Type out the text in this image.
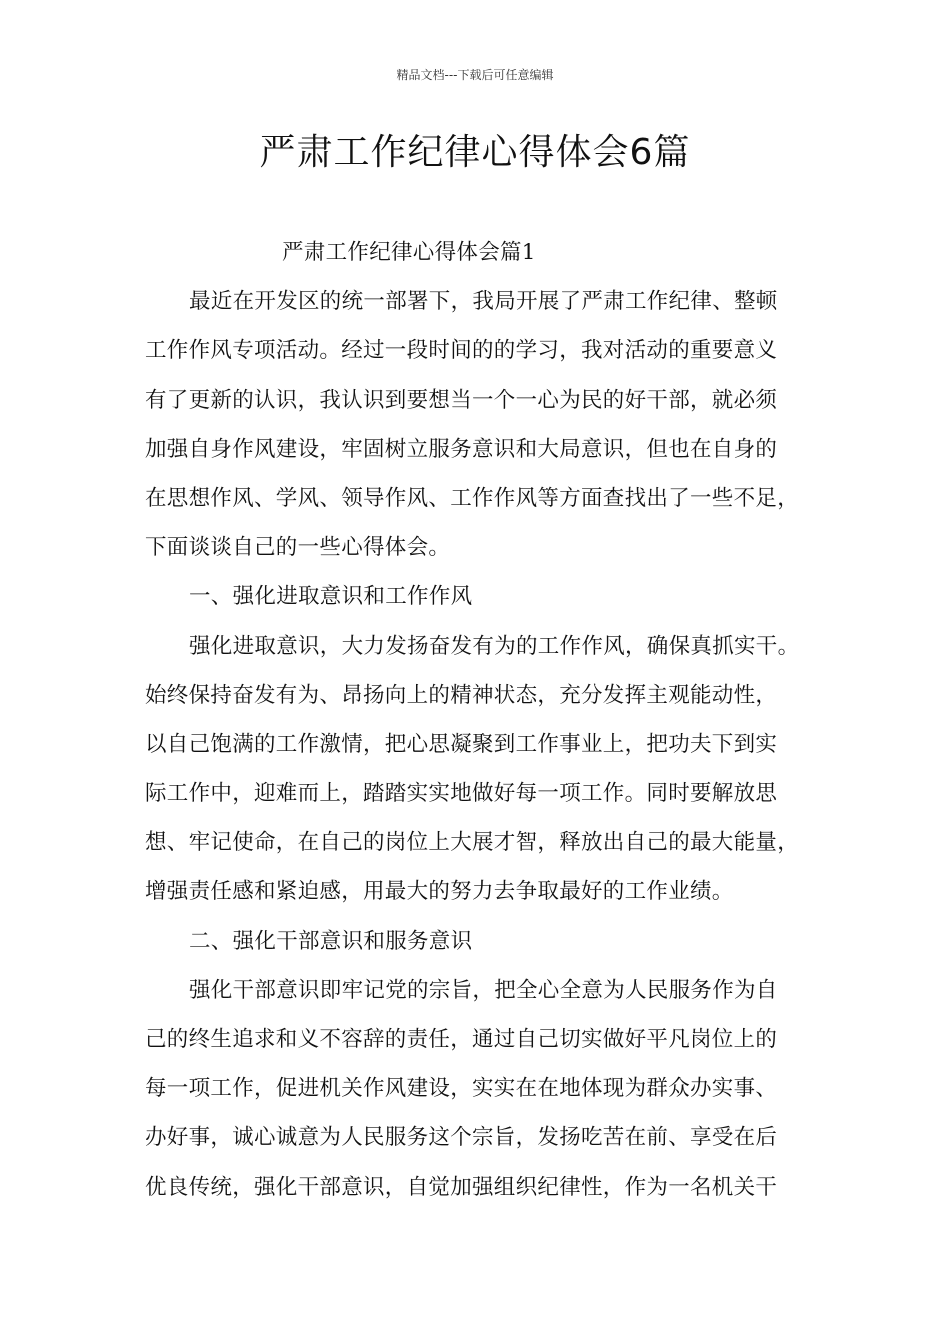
精品文档---下载后可任意编辑
严肃工作纪律心得体会6篇
严肃工作纪律心得体会篇1
最近在开发区的统一部署下，我局开展了严肃工作纪律、整顿
工作作风专项活动。经过一段时间的的学习，我对活动的重要意义
有了更新的认识，我认识到要想当一个一心为民的好干部，就必须
加强自身作风建设，牢固树立服务意识和大局意识，但也在自身的
在思想作风、学风、领导作风、工作作风等方面查找出了一些不足，
下面谈谈自己的一些心得体会。
一、强化进取意识和工作作风
强化进取意识，大力发扬奋发有为的工作作风，确保真抓实干。
始终保持奋发有为、昂扬向上的精神状态，充分发挥主观能动性，
以自己饱满的工作激情，把心思凝聚到工作事业上，把功夫下到实
际工作中，迎难而上，踏踏实实地做好每一项工作。同时要解放思
想、牢记使命，在自己的岗位上大展才智，释放出自己的最大能量，
增强责任感和紧迫感，用最大的努力去争取最好的工作业绩。
二、强化干部意识和服务意识
强化干部意识即牢记党的宗旨，把全心全意为人民服务作为自
己的终生追求和义不容辞的责任，通过自己切实做好平凡岗位上的
每一项工作，促进机关作风建设，实实在在地体现为群众办实事、
办好事，诚心诚意为人民服务这个宗旨，发扬吃苦在前、享受在后
优良传统，强化干部意识，自觉加强组织纪律性，作为一名机关干
